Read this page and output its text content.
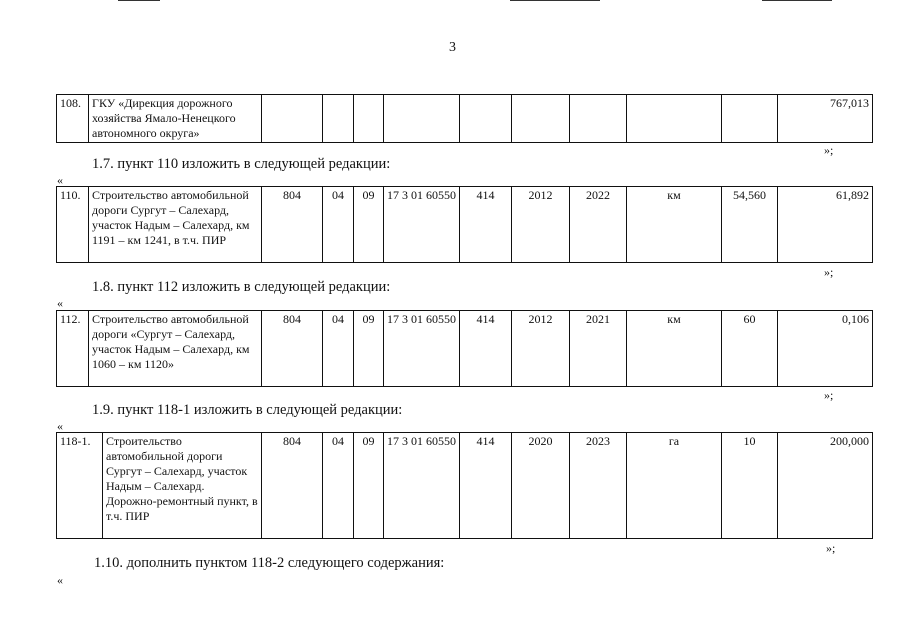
3
108.	ГКУ «Дирекция дорожного хозяйства Ямало-Ненецкого автономного округа»										767,013
»;
1.7. пункт 110 изложить в следующей редакции:
«
110.	Строительство автомобильной дороги Сургут – Салехард, участок Надым – Салехард, км 1191 – км 1241, в т.ч. ПИР	804	04	09	17 3 01 60550	414	2012	2022	км	54,560	61,892
»;
1.8. пункт 112 изложить в следующей редакции:
«
112.	Строительство автомобильной дороги «Сургут – Салехард, участок Надым – Салехард, км 1060 – км 1120»	804	04	09	17 3 01 60550	414	2012	2021	км	60	0,106
»;
1.9. пункт 118-1 изложить в следующей редакции:
«
118-1.	Строительство автомобильной дороги Сургут – Салехард, участок Надым – Салехард. Дорожно-ремонтный пункт, в т.ч. ПИР	804	04	09	17 3 01 60550	414	2020	2023	га	10	200,000
»;
1.10. дополнить пунктом 118-2 следующего содержания:
«
